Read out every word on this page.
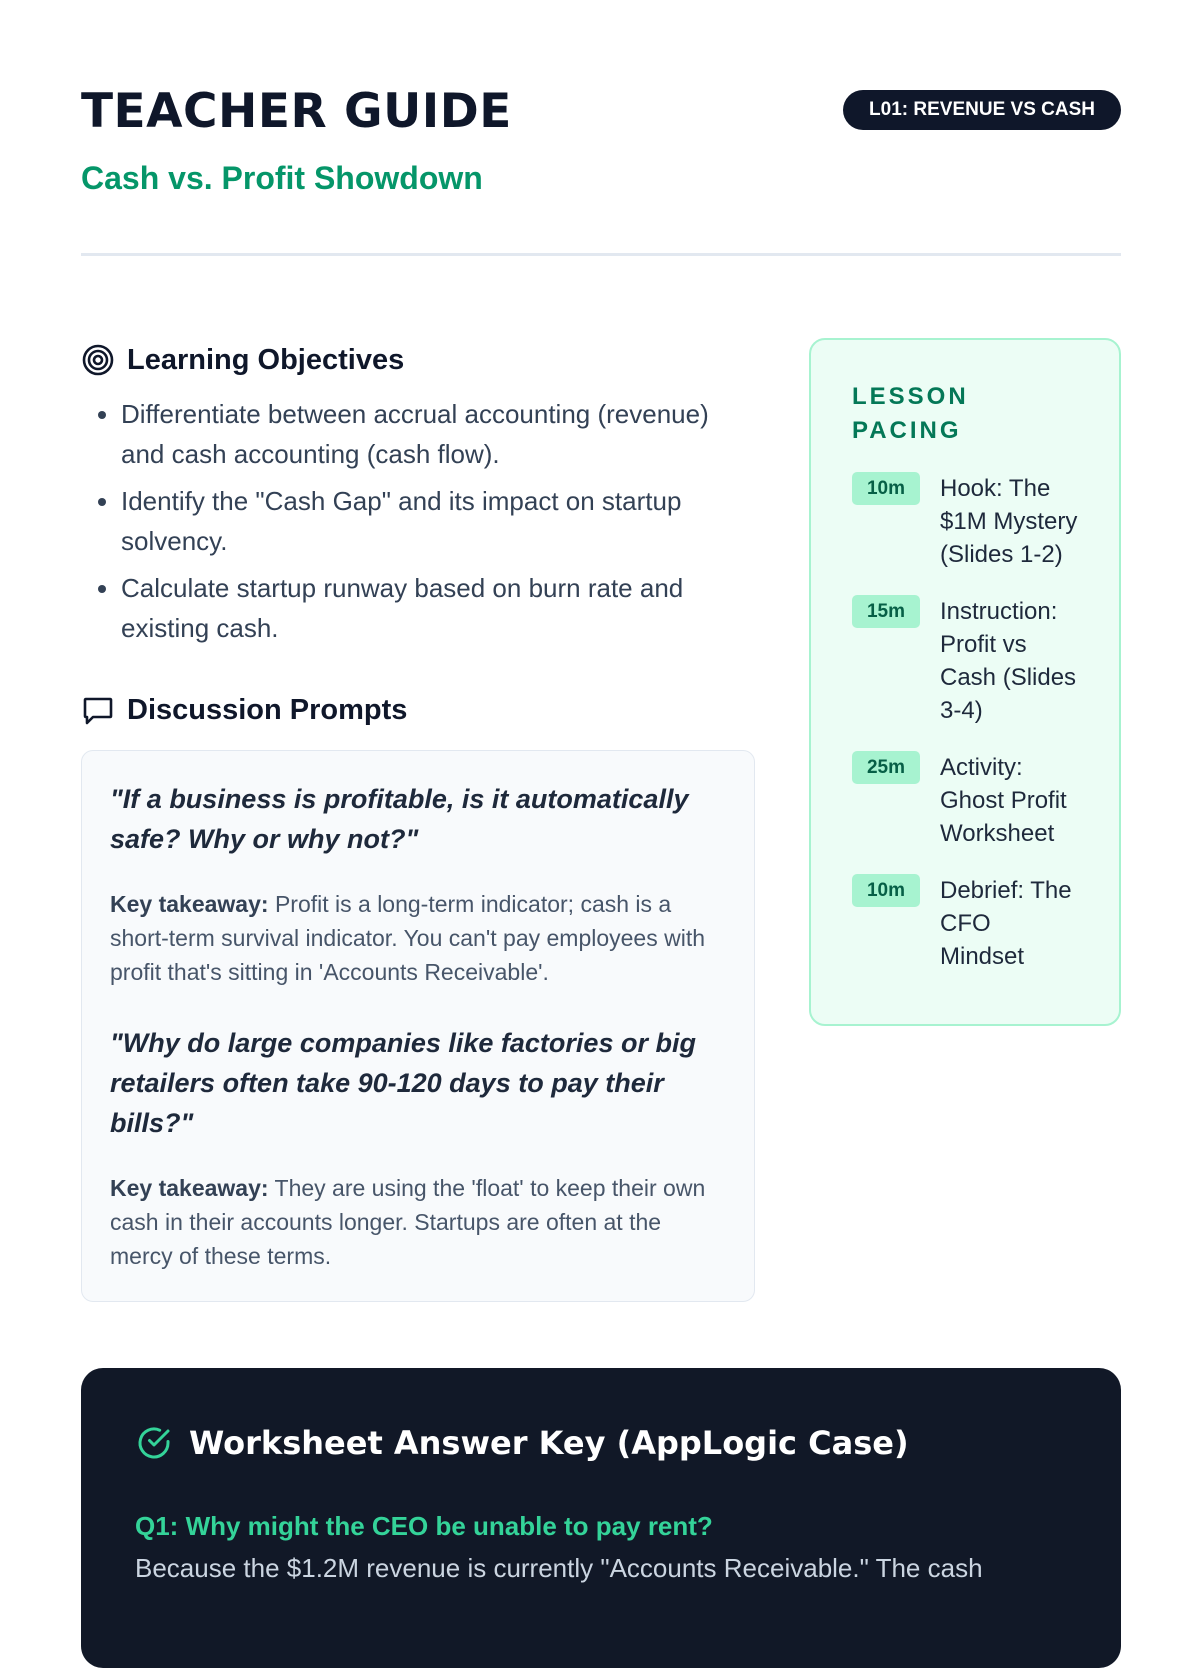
TEACHER GUIDE
Cash vs. Profit Showdown
L01: REVENUE VS CASH
Learning Objectives
• Differentiate between accrual accounting (revenue) and cash accounting (cash flow).
• Identify the "Cash Gap" and its impact on startup solvency.
• Calculate startup runway based on burn rate and existing cash.
Discussion Prompts

"If a business is profitable, is it automatically safe? Why or why not?"

Key takeaway: Profit is a long-term indicator; cash is a short-term survival indicator. You can't pay employees with profit that's sitting in 'Accounts Receivable'.

"Why do large companies like factories or big retailers often take 90-120 days to pay their bills?"

Key takeaway: They are using the 'float' to keep their own cash in their accounts longer. Startups are often at the mercy of these terms.

LESSON PACING
10m	Hook: The $1M Mystery (Slides 1-2)
15m	Instruction: Profit vs Cash (Slides 3-4)
25m	Activity: Ghost Profit Worksheet
10m	Debrief: The CFO Mindset
Worksheet Answer Key (AppLogic Case)
Q1: Why might the CEO be unable to pay rent?
Because the $1.2M revenue is currently "Accounts Receivable." The cash
